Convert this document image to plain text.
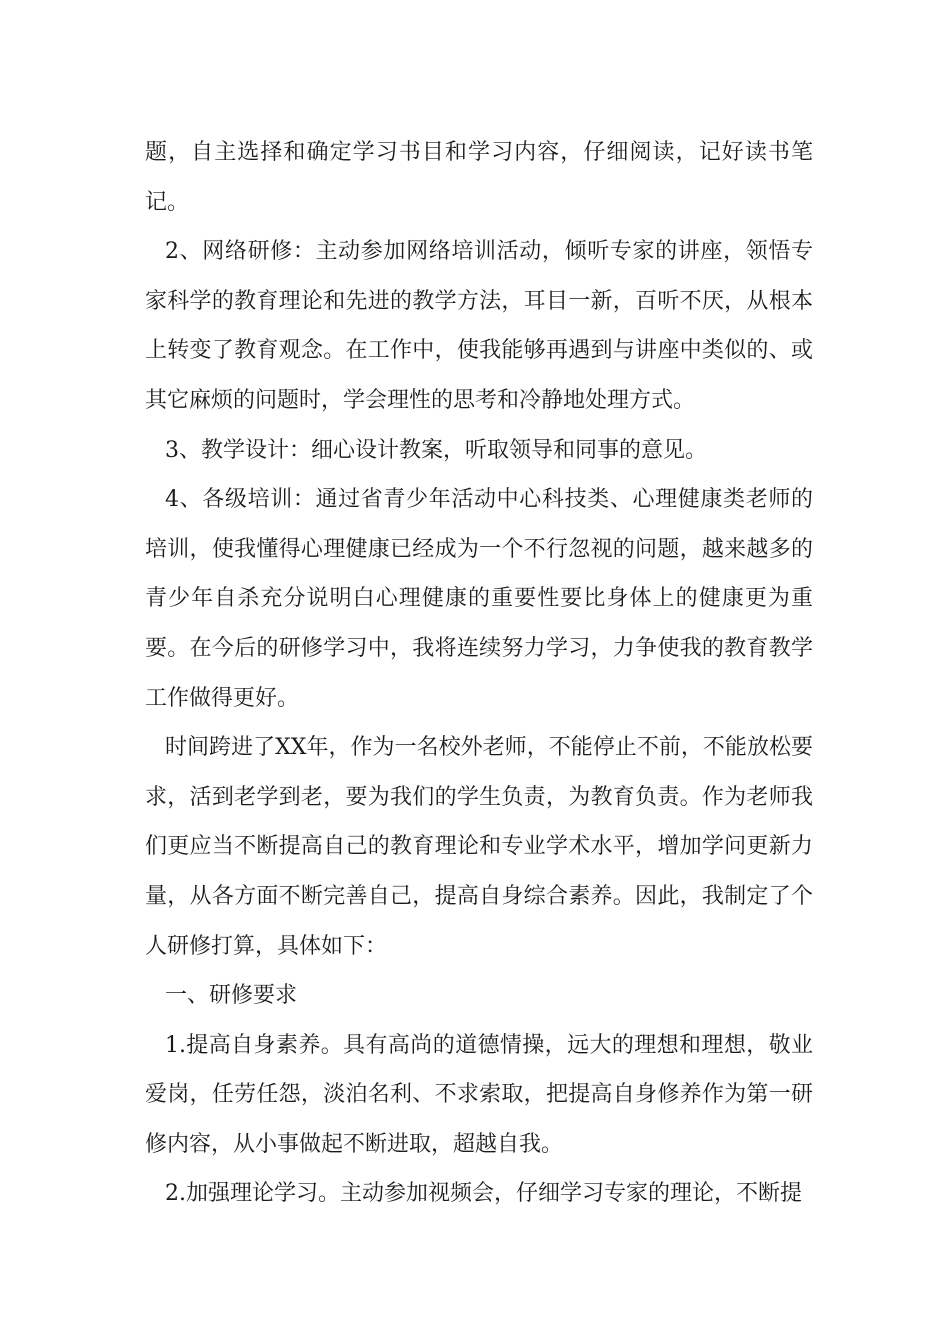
题，自主选择和确定学习书目和学习内容，仔细阅读，记好读书笔记。

2、网络研修：主动参加网络培训活动，倾听专家的讲座，领悟专家科学的教育理论和先进的教学方法，耳目一新，百听不厌，从根本上转变了教育观念。在工作中，使我能够再遇到与讲座中类似的、或其它麻烦的问题时，学会理性的思考和冷静地处理方式。

3、教学设计：细心设计教案，听取领导和同事的意见。

4、各级培训：通过省青少年活动中心科技类、心理健康类老师的培训，使我懂得心理健康已经成为一个不行忽视的问题，越来越多的青少年自杀充分说明白心理健康的重要性要比身体上的健康更为重要。在今后的研修学习中，我将连续努力学习，力争使我的教育教学工作做得更好。

时间跨进了XX年，作为一名校外老师，不能停止不前，不能放松要求，活到老学到老，要为我们的学生负责，为教育负责。作为老师我们更应当不断提高自己的教育理论和专业学术水平，增加学问更新力量，从各方面不断完善自己，提高自身综合素养。因此，我制定了个人研修打算，具体如下：

一、研修要求

1.提高自身素养。具有高尚的道德情操，远大的理想和理想，敬业爱岗，任劳任怨，淡泊名利、不求索取，把提高自身修养作为第一研修内容，从小事做起不断进取，超越自我。

2.加强理论学习。主动参加视频会，仔细学习专家的理论，不断提
